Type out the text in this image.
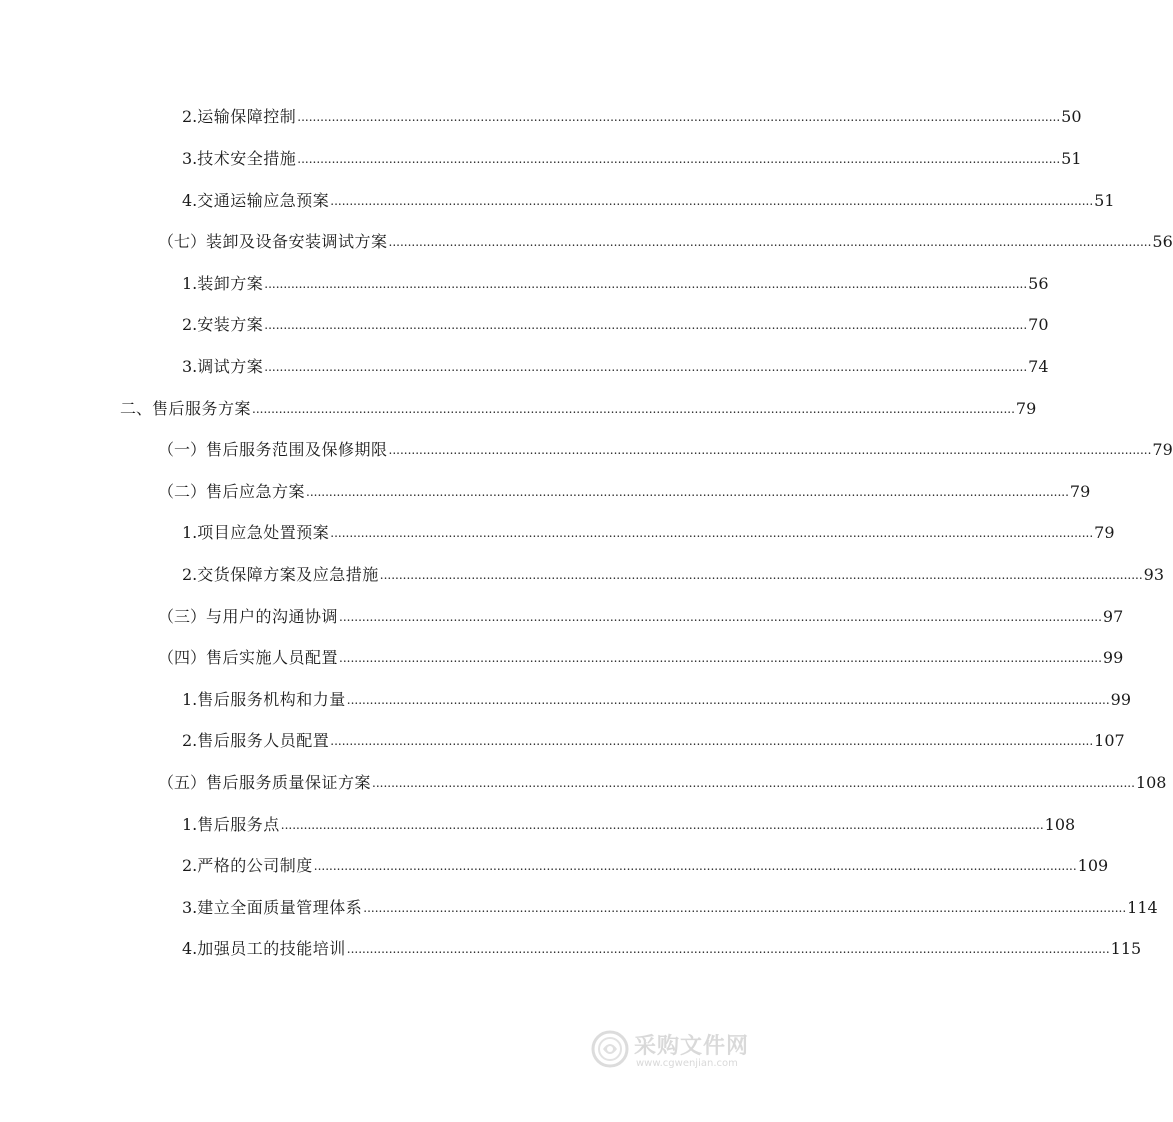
2. 运输保障控制 ........................................................................................................................................................................................................ 50
3. 技术安全措施 ........................................................................................................................................................................................................ 51
4. 交通运输应急预案 ........................................................................................................................................................................................................ 51
（七） 装卸及设备安装调试方案 ........................................................................................................................................................................................................ 56
1. 装卸方案 ........................................................................................................................................................................................................ 56
2. 安装方案 ........................................................................................................................................................................................................ 70
3. 调试方案 ........................................................................................................................................................................................................ 74
二、 售后服务方案 ........................................................................................................................................................................................................ 79
（一） 售后服务范围及保修期限 ........................................................................................................................................................................................................ 79
（二） 售后应急方案 ........................................................................................................................................................................................................ 79
1. 项目应急处置预案 ........................................................................................................................................................................................................ 79
2. 交货保障方案及应急措施 ........................................................................................................................................................................................................ 93
（三） 与用户的沟通协调 ........................................................................................................................................................................................................ 97
（四） 售后实施人员配置 ........................................................................................................................................................................................................ 99
1. 售后服务机构和力量 ........................................................................................................................................................................................................ 99
2. 售后服务人员配置 ........................................................................................................................................................................................................ 107
（五） 售后服务质量保证方案 ........................................................................................................................................................................................................ 108
1. 售后服务点 ........................................................................................................................................................................................................ 108
2. 严格的公司制度 ........................................................................................................................................................................................................ 109
3. 建立全面质量管理体系 ........................................................................................................................................................................................................ 114
4. 加强员工的技能培训 ........................................................................................................................................................................................................ 115
采购文件网
www.cgwenjian.com
